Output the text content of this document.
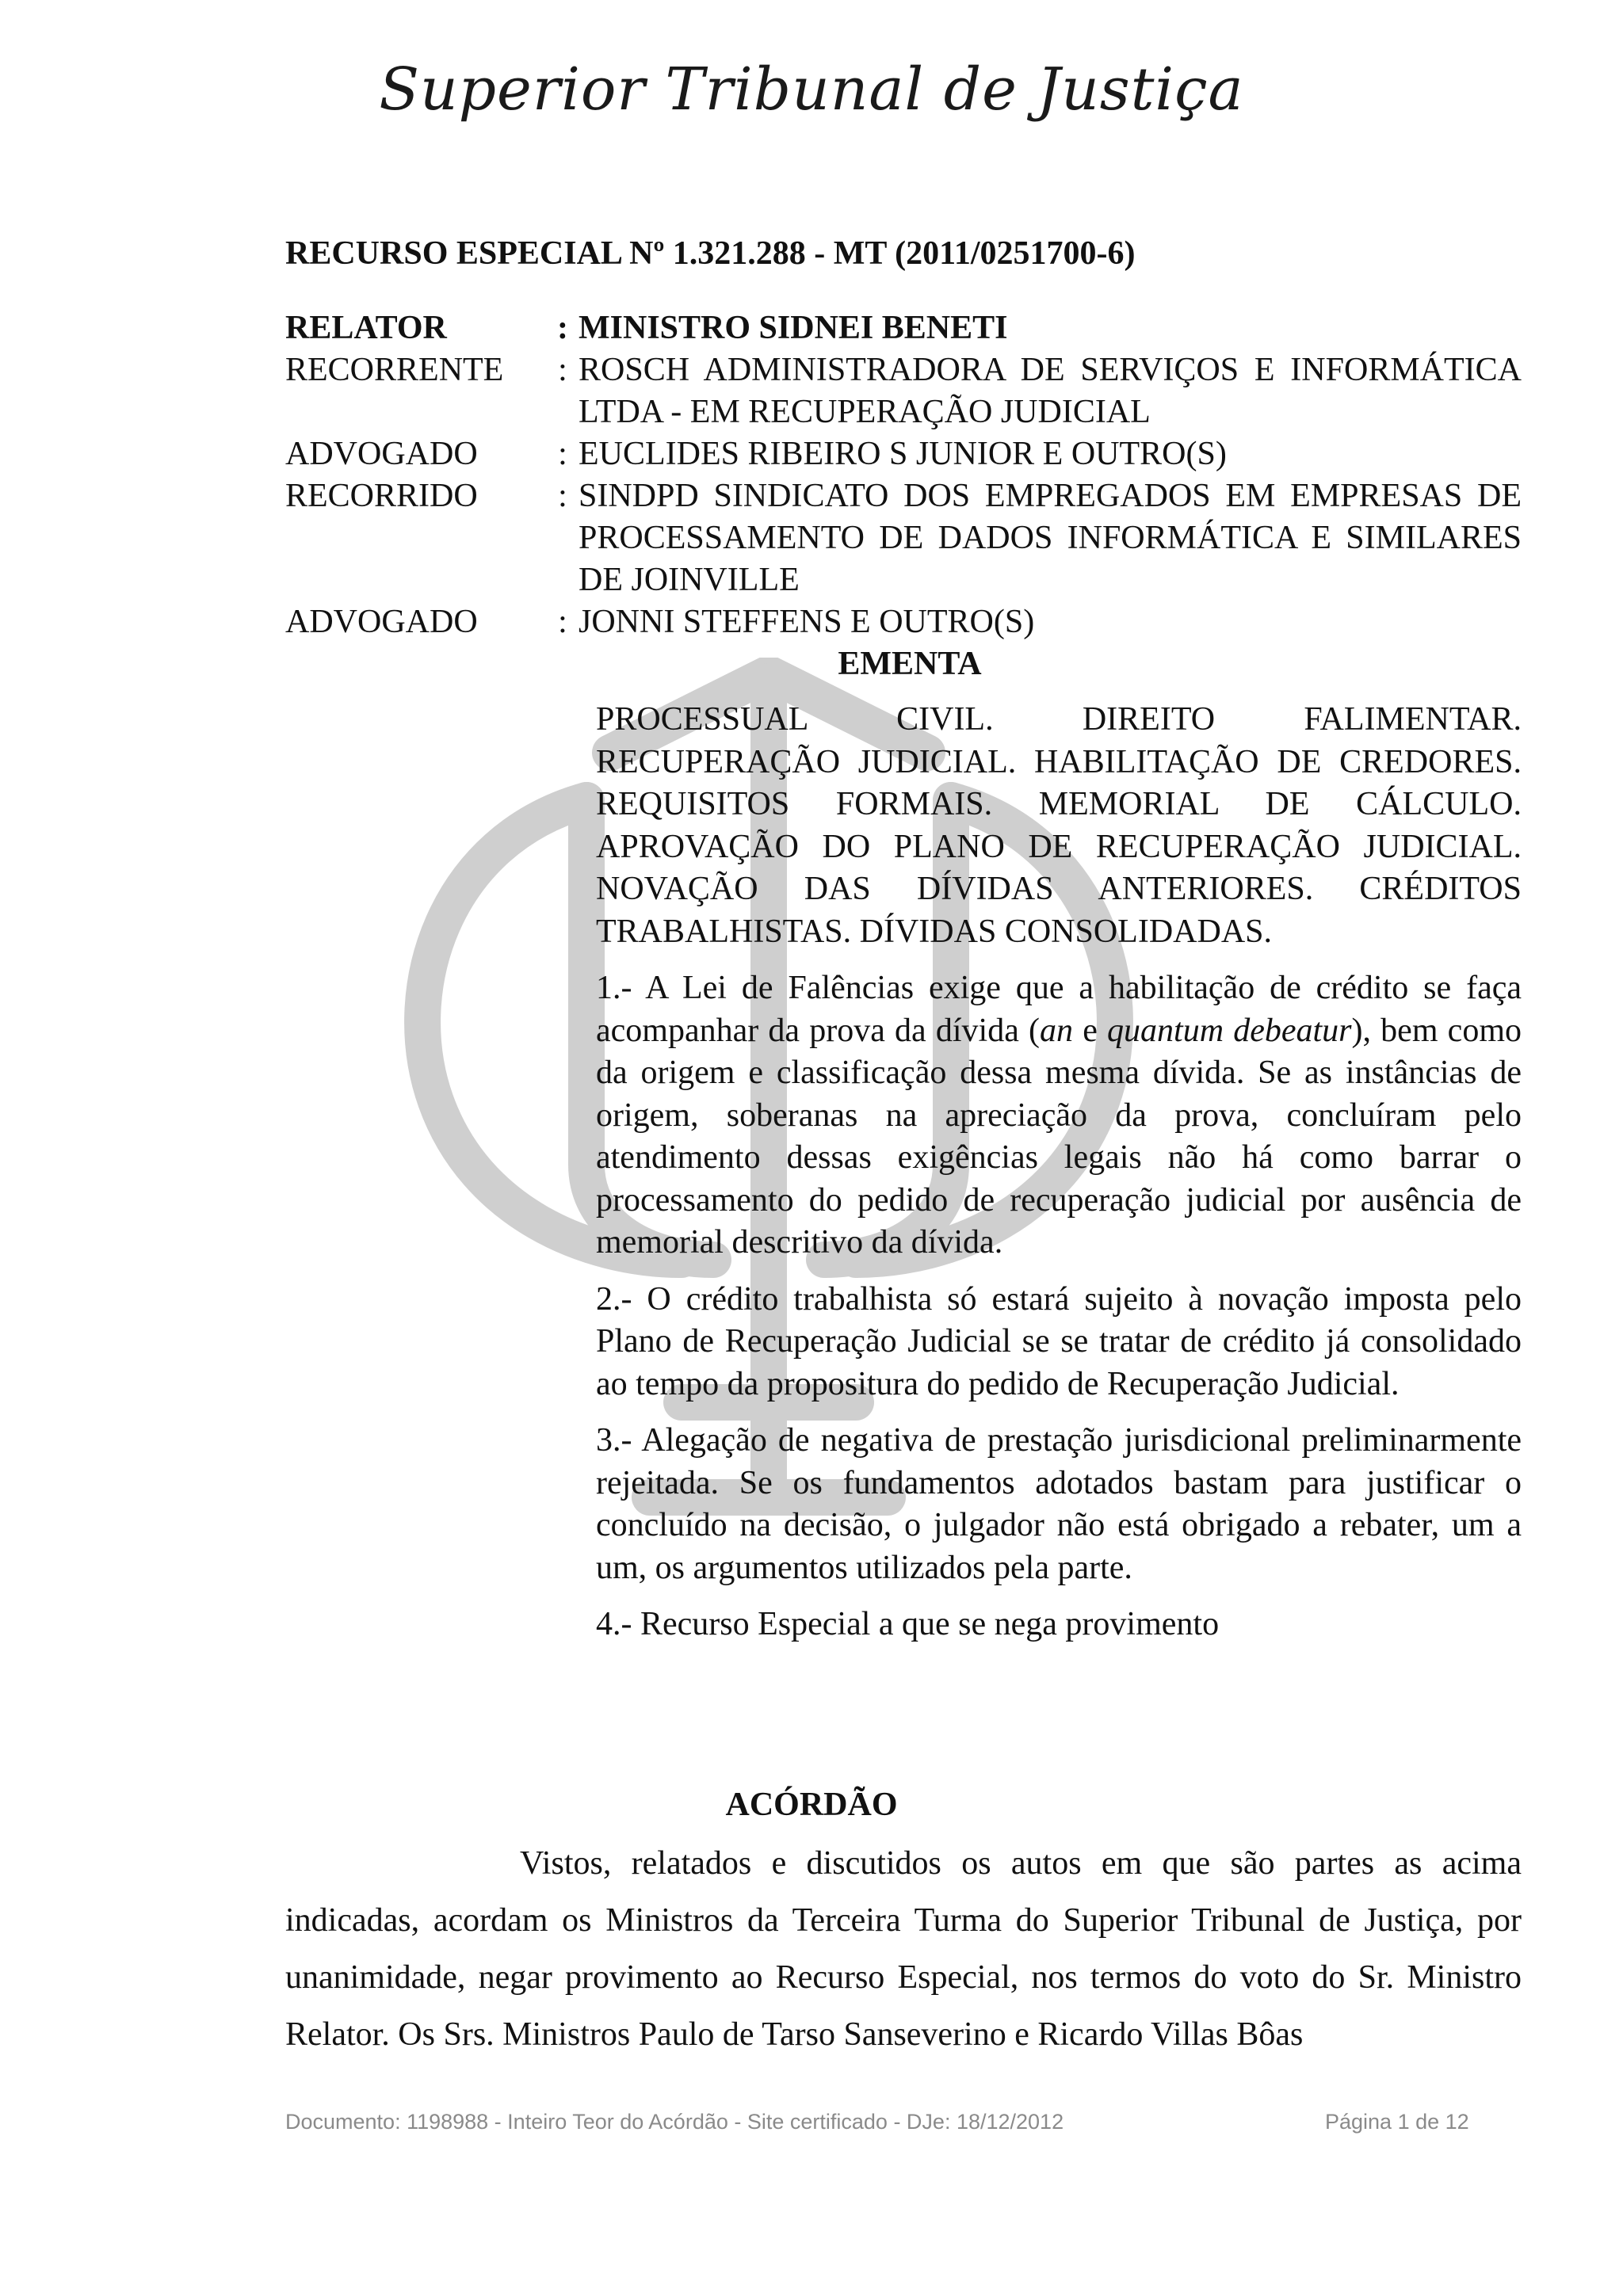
Superior Tribunal de Justiça
RECURSO ESPECIAL Nº 1.321.288 - MT (2011/0251700-6)
RELATOR	:	MINISTRO SIDNEI BENETI
RECORRENTE	:	ROSCH ADMINISTRADORA DE SERVIÇOS E INFORMÁTICA LTDA - EM RECUPERAÇÃO JUDICIAL
ADVOGADO	:	EUCLIDES RIBEIRO S JUNIOR E OUTRO(S)
RECORRIDO	:	SINDPD SINDICATO DOS EMPREGADOS EM EMPRESAS DE PROCESSAMENTO DE DADOS INFORMÁTICA E SIMILARES DE JOINVILLE
ADVOGADO	:	JONNI STEFFENS E OUTRO(S)
EMENTA

PROCESSUAL CIVIL. DIREITO FALIMENTAR. RECUPERAÇÃO JUDICIAL. HABILITAÇÃO DE CREDORES. REQUISITOS FORMAIS. MEMORIAL DE CÁLCULO. APROVAÇÃO DO PLANO DE RECUPERAÇÃO JUDICIAL. NOVAÇÃO DAS DÍVIDAS ANTERIORES. CRÉDITOS TRABALHISTAS. DÍVIDAS CONSOLIDADAS.

1.- A Lei de Falências exige que a habilitação de crédito se faça acompanhar da prova da dívida (an e quantum debeatur), bem como da origem e classificação dessa mesma dívida. Se as instâncias de origem, soberanas na apreciação da prova, concluíram pelo atendimento dessas exigências legais não há como barrar o processamento do pedido de recuperação judicial por ausência de memorial descritivo da dívida.

2.- O crédito trabalhista só estará sujeito à novação imposta pelo Plano de Recuperação Judicial se se tratar de crédito já consolidado ao tempo da propositura do pedido de Recuperação Judicial.

3.- Alegação de negativa de prestação jurisdicional preliminarmente rejeitada. Se os fundamentos adotados bastam para justificar o concluído na decisão, o julgador não está obrigado a rebater, um a um, os argumentos utilizados pela parte.

4.- Recurso Especial a que se nega provimento

ACÓRDÃO

Vistos, relatados e discutidos os autos em que são partes as acima indicadas, acordam os Ministros da Terceira Turma do Superior Tribunal de Justiça, por unanimidade, negar provimento ao Recurso Especial, nos termos do voto do Sr. Ministro Relator. Os Srs. Ministros Paulo de Tarso Sanseverino e Ricardo Villas Bôas

Documento: 1198988 - Inteiro Teor do Acórdão - Site certificado - DJe: 18/12/2012	Página 1 de 12
